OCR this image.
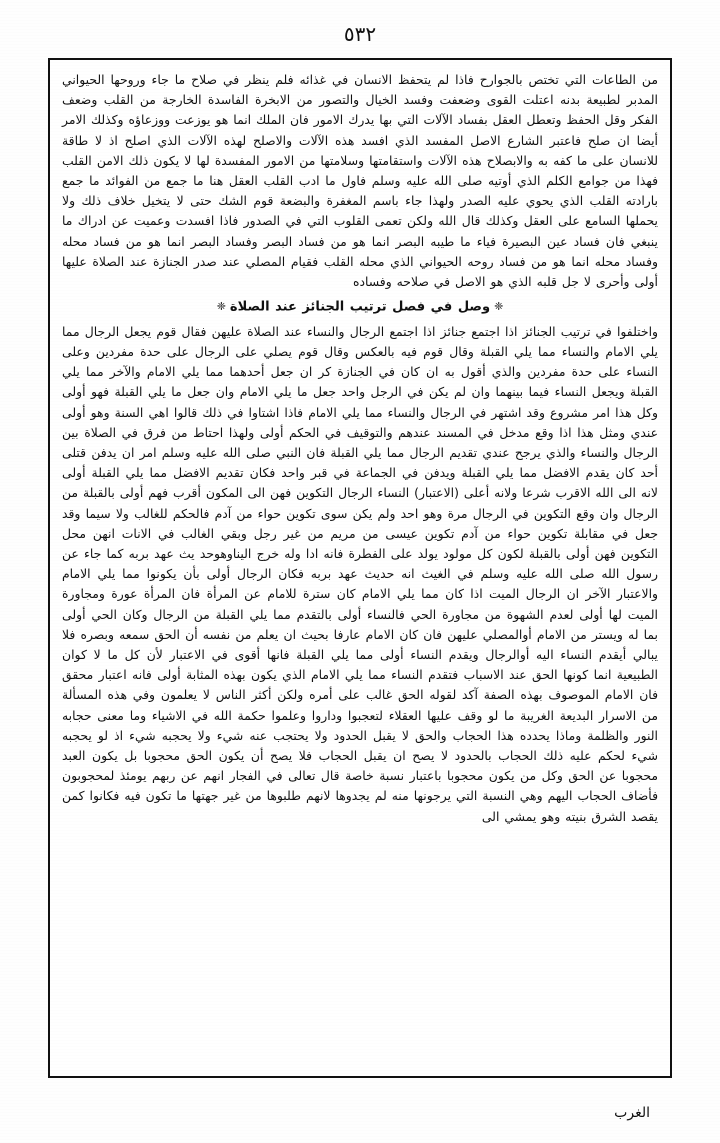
٥٣٢

من الطاعات التي تختص بالجوارح فاذا لم يتحفظ الانسان في غذائه فلم ينظر في صلاح ما جاء وروحها الحيواني المدبر لطبيعة بدنه اعتلت القوى وضعفت وفسد الخيال والتصور من الابخرة الفاسدة الخارجة من القلب وضعف الفكر وقل الحفظ وتعطل العقل بفساد الآلات التي بها يدرك الامور فان الملك انما هو يوزعت ووزعاؤه وكذلك الامر أيضا ان صلح فاعتبر الشارع الاصل المفسد الذي افسد هذه الآلات والاصلح لهذه الآلات الذي اصلح اذ لا طاقة للانسان على ما كفه به والابصلاح هذه الآلات واستقامتها وسلامتها من الامور المفسدة لها لا يكون ذلك الامن القلب فهذا من جوامع الكلم الذي أوتيه صلى الله عليه وسلم فاول ما ادب القلب العقل هنا ما جمع من الفوائد ما جمع بارادته القلب الذي يحوي عليه الصدر ولهذا جاء باسم المغفرة والبضعة قوم الشك حتى لا يتخيل خلاف ذلك ولا يحملها السامع على العقل وكذلك قال الله ولكن تعمى القلوب التي في الصدور فاذا افسدت وعميت عن ادراك ما ينبغي فان فساد عين البصيرة فياء ما طيبه البصر انما هو من فساد البصر وفساد البصر انما هو من فساد محله وفساد محله انما هو من فساد روحه الحيواني الذي محله القلب فقيام المصلي عند صدر الجنازة عند الصلاة عليها أولى وأحرى لا جل قلبه الذي هو الاصل في صلاحه وفساده

❈وصل في فصل ترتيب الجنائز عند الصلاة❈

واختلفوا في ترتيب الجنائز اذا اجتمع جنائز اذا اجتمع الرجال والنساء عند الصلاة عليهن فقال قوم يجعل الرجال مما يلي الامام والنساء مما يلي القبلة وقال قوم فيه بالعكس وقال قوم يصلي على الرجال على حدة مفردين وعلى النساء على حدة مفردين والذي أقول به ان كان في الجنازة كر ان جعل أحدهما مما يلي الامام والآخر مما يلي القبلة ويجعل النساء فيما بينهما وان لم يكن في الرجل واحد جعل ما يلي الامام وان جعل ما يلي القبلة فهو أولى وكل هذا امر مشروع وقد اشتهر في الرجال والنساء مما يلي الامام فاذا اشتاوا في ذلك قالوا اهي السنة وهو أولى عندي ومثل هذا اذا وقع مدخل في المسند عندهم والتوقيف في الحكم أولى ولهذا احتاط من فرق في الصلاة بين الرجال والنساء والذي يرجح عندي تقديم الرجال مما يلي القبلة فان النبي صلى الله عليه وسلم امر ان يدفن قتلى أحد كان يقدم الافضل مما يلي القبلة ويدفن في الجماعة في قبر واحد فكان تقديم الافضل مما يلي القبلة أولى لانه الى الله الاقرب شرعا ولانه أعلى (الاعتبار) النساء الرجال التكوين فهن الى المكون أقرب فهم أولى بالقبلة من الرجال وان وقع التكوين في الرجال مرة وهو احد ولم يكن سوى تكوين حواء من آدم فالحكم للغالب ولا سيما وقد جعل في مقابلة تكوين حواء من آدم تكوين عيسى من مريم من غير رجل وبقي الغالب في الانات انهن محل التكوين فهن أولى بالقبلة لكون كل مولود يولد على الفطرة فانه ادا وله خرج اليناوهوحد يث عهد بربه كما جاء عن رسول الله صلى الله عليه وسلم في الغيث انه حديث عهد بربه فكان الرجال أولى بأن يكونوا مما يلي الامام والاعتبار الآخر ان الرجال الميت اذا كان مما يلي الامام كان سترة للامام عن المرأة فان المرأة عورة ومجاورة الميت لها أولى لعدم الشهوة من مجاورة الحي فالنساء أولى بالتقدم مما يلي القبلة من الرجال وكان الحي أولى بما له ويستر من الامام أوالمصلي عليهن فان كان الامام عارفا بحيث ان يعلم من نفسه أن الحق سمعه وبصره فلا يبالي أيقدم النساء اليه أوالرجال ويقدم النساء أولى مما يلي القبلة فانها أقوى في الاعتبار لأن كل ما لا كوان الطبيعية انما كونها الحق عند الاسباب فتقدم النساء مما يلي الامام الذي يكون بهذه المثابة أولى فانه اعتبار محقق فان الامام الموصوف بهذه الصفة آكد لقوله الحق غالب على أمره ولكن أكثر الناس لا يعلمون وفي هذه المسألة من الاسرار البديعة الغريبة ما لو وقف عليها العقلاء لتعجبوا وداروا وعلموا حكمة الله في الاشياء وما معنى حجابه النور والظلمة وماذا يحدده هذا الحجاب والحق لا يقبل الحدود ولا يحتجب عنه شيء ولا يحجبه شيء اذ لو يحجبه شيء لحكم عليه ذلك الحجاب بالحدود لا يصح ان يقبل الحجاب فلا يصح أن يكون الحق محجوبا بل يكون العبد محجوبا عن الحق وكل من يكون محجوبا باعتبار نسبة خاصة قال تعالى في الفجار انهم عن ربهم يومئذ لمحجوبون فأضاف الحجاب اليهم وهي النسبة التي يرجونها منه لم يجدوها لانهم طلبوها من غير جهتها ما تكون فيه فكانوا كمن يقصد الشرق بنيته وهو يمشي الى

الغرب
